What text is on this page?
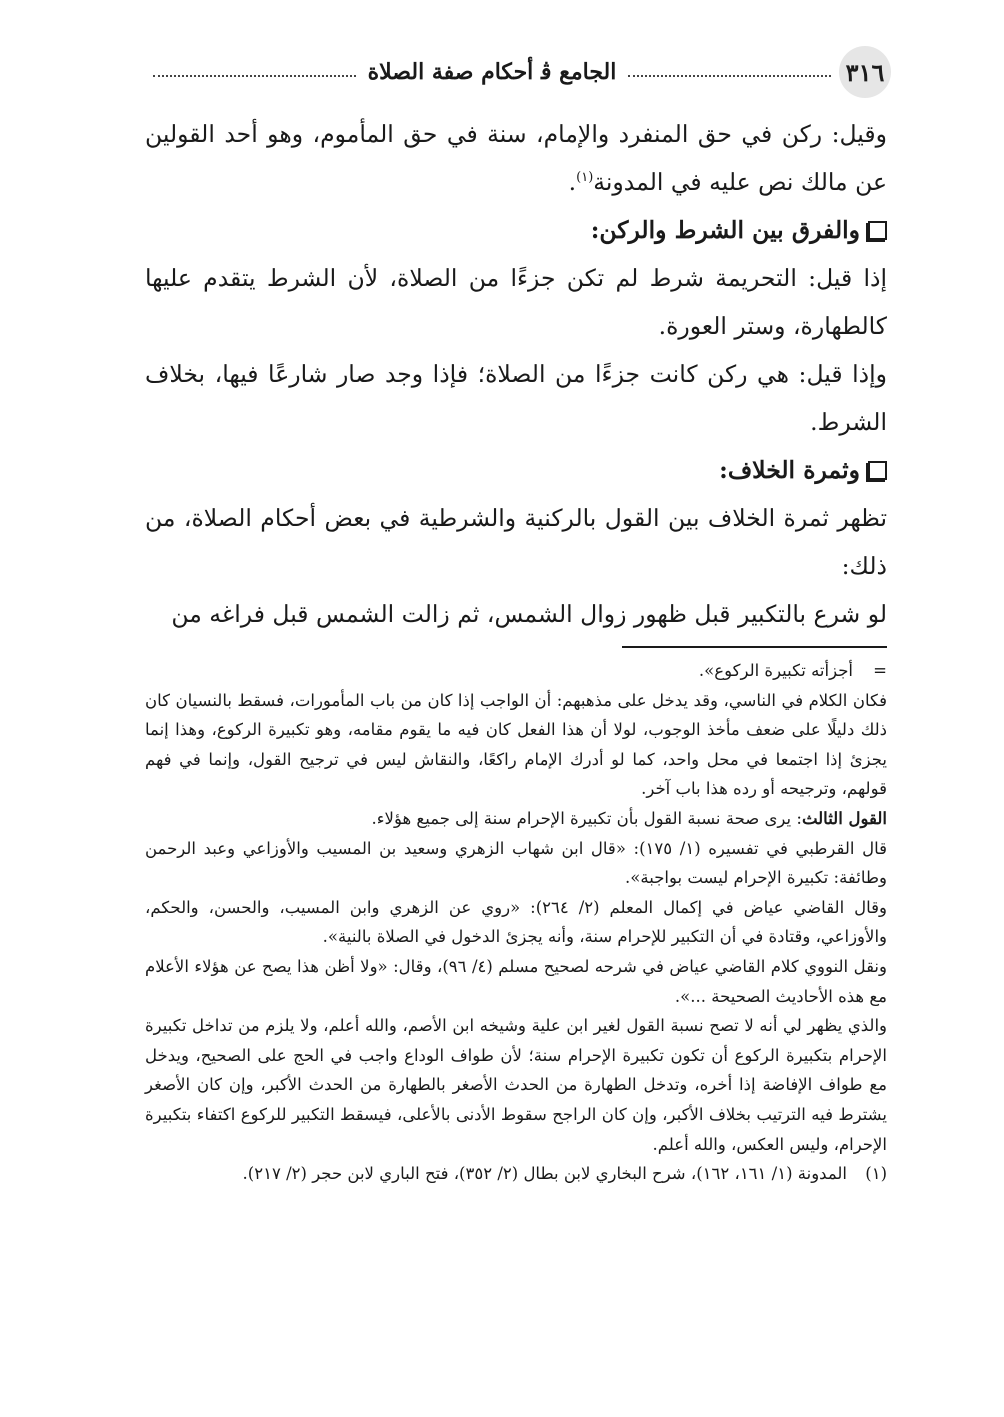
٣١٦
الجامع ﭬ أحكام صفة الصلاة

وقيل: ركن في حق المنفرد والإمام، سنة في حق المأموم، وهو أحد القولين عن مالك نص عليه في المدونة$^{(١)}$.

والفرق بين الشرط والركن:

إذا قيل: التحريمة شرط لم تكن جزءًا من الصلاة، لأن الشرط يتقدم عليها كالطهارة، وستر العورة.

وإذا قيل: هي ركن كانت جزءًا من الصلاة؛ فإذا وجد صار شارعًا فيها، بخلاف الشرط.

وثمرة الخلاف:

تظهر ثمرة الخلاف بين القول بالركنية والشرطية في بعض أحكام الصلاة، من ذلك:

لو شرع بالتكبير قبل ظهور زوال الشمس، ثم زالت الشمس قبل فراغه من

=أجزأته تكبيرة الركوع».

فكان الكلام في الناسي، وقد يدخل على مذهبهم: أن الواجب إذا كان من باب المأمورات، فسقط بالنسيان كان ذلك دليلًا على ضعف مأخذ الوجوب، لولا أن هذا الفعل كان فيه ما يقوم مقامه، وهو تكبيرة الركوع، وهذا إنما يجزئ إذا اجتمعا في محل واحد، كما لو أدرك الإمام راكعًا، والنقاش ليس في ترجيح القول، وإنما في فهم قولهم، وترجيحه أو رده هذا باب آخر.

القول الثالث: يرى صحة نسبة القول بأن تكبيرة الإحرام سنة إلى جميع هؤلاء.

قال القرطبي في تفسيره (١/ ١٧٥): «قال ابن شهاب الزهري وسعيد بن المسيب والأوزاعي وعبد الرحمن وطائفة: تكبيرة الإحرام ليست بواجبة».

وقال القاضي عياض في إكمال المعلم (٢/ ٢٦٤): «روي عن الزهري وابن المسيب، والحسن، والحكم، والأوزاعي، وقتادة في أن التكبير للإحرام سنة، وأنه يجزئ الدخول في الصلاة بالنية».

ونقل النووي كلام القاضي عياض في شرحه لصحيح مسلم (٤/ ٩٦)، وقال: «ولا أظن هذا يصح عن هؤلاء الأعلام مع هذه الأحاديث الصحيحة ...».

والذي يظهر لي أنه لا تصح نسبة القول لغير ابن علية وشيخه ابن الأصم، والله أعلم، ولا يلزم من تداخل تكبيرة الإحرام بتكبيرة الركوع أن تكون تكبيرة الإحرام سنة؛ لأن طواف الوداع واجب في الحج على الصحيح، ويدخل مع طواف الإفاضة إذا أخره، وتدخل الطهارة من الحدث الأصغر بالطهارة من الحدث الأكبر، وإن كان الأصغر يشترط فيه الترتيب بخلاف الأكبر، وإن كان الراجح سقوط الأدنى بالأعلى، فيسقط التكبير للركوع اكتفاء بتكبيرة الإحرام، وليس العكس، والله أعلم.

(١)المدونة (١/ ١٦١، ١٦٢)، شرح البخاري لابن بطال (٢/ ٣٥٢)، فتح الباري لابن حجر (٢/ ٢١٧).
